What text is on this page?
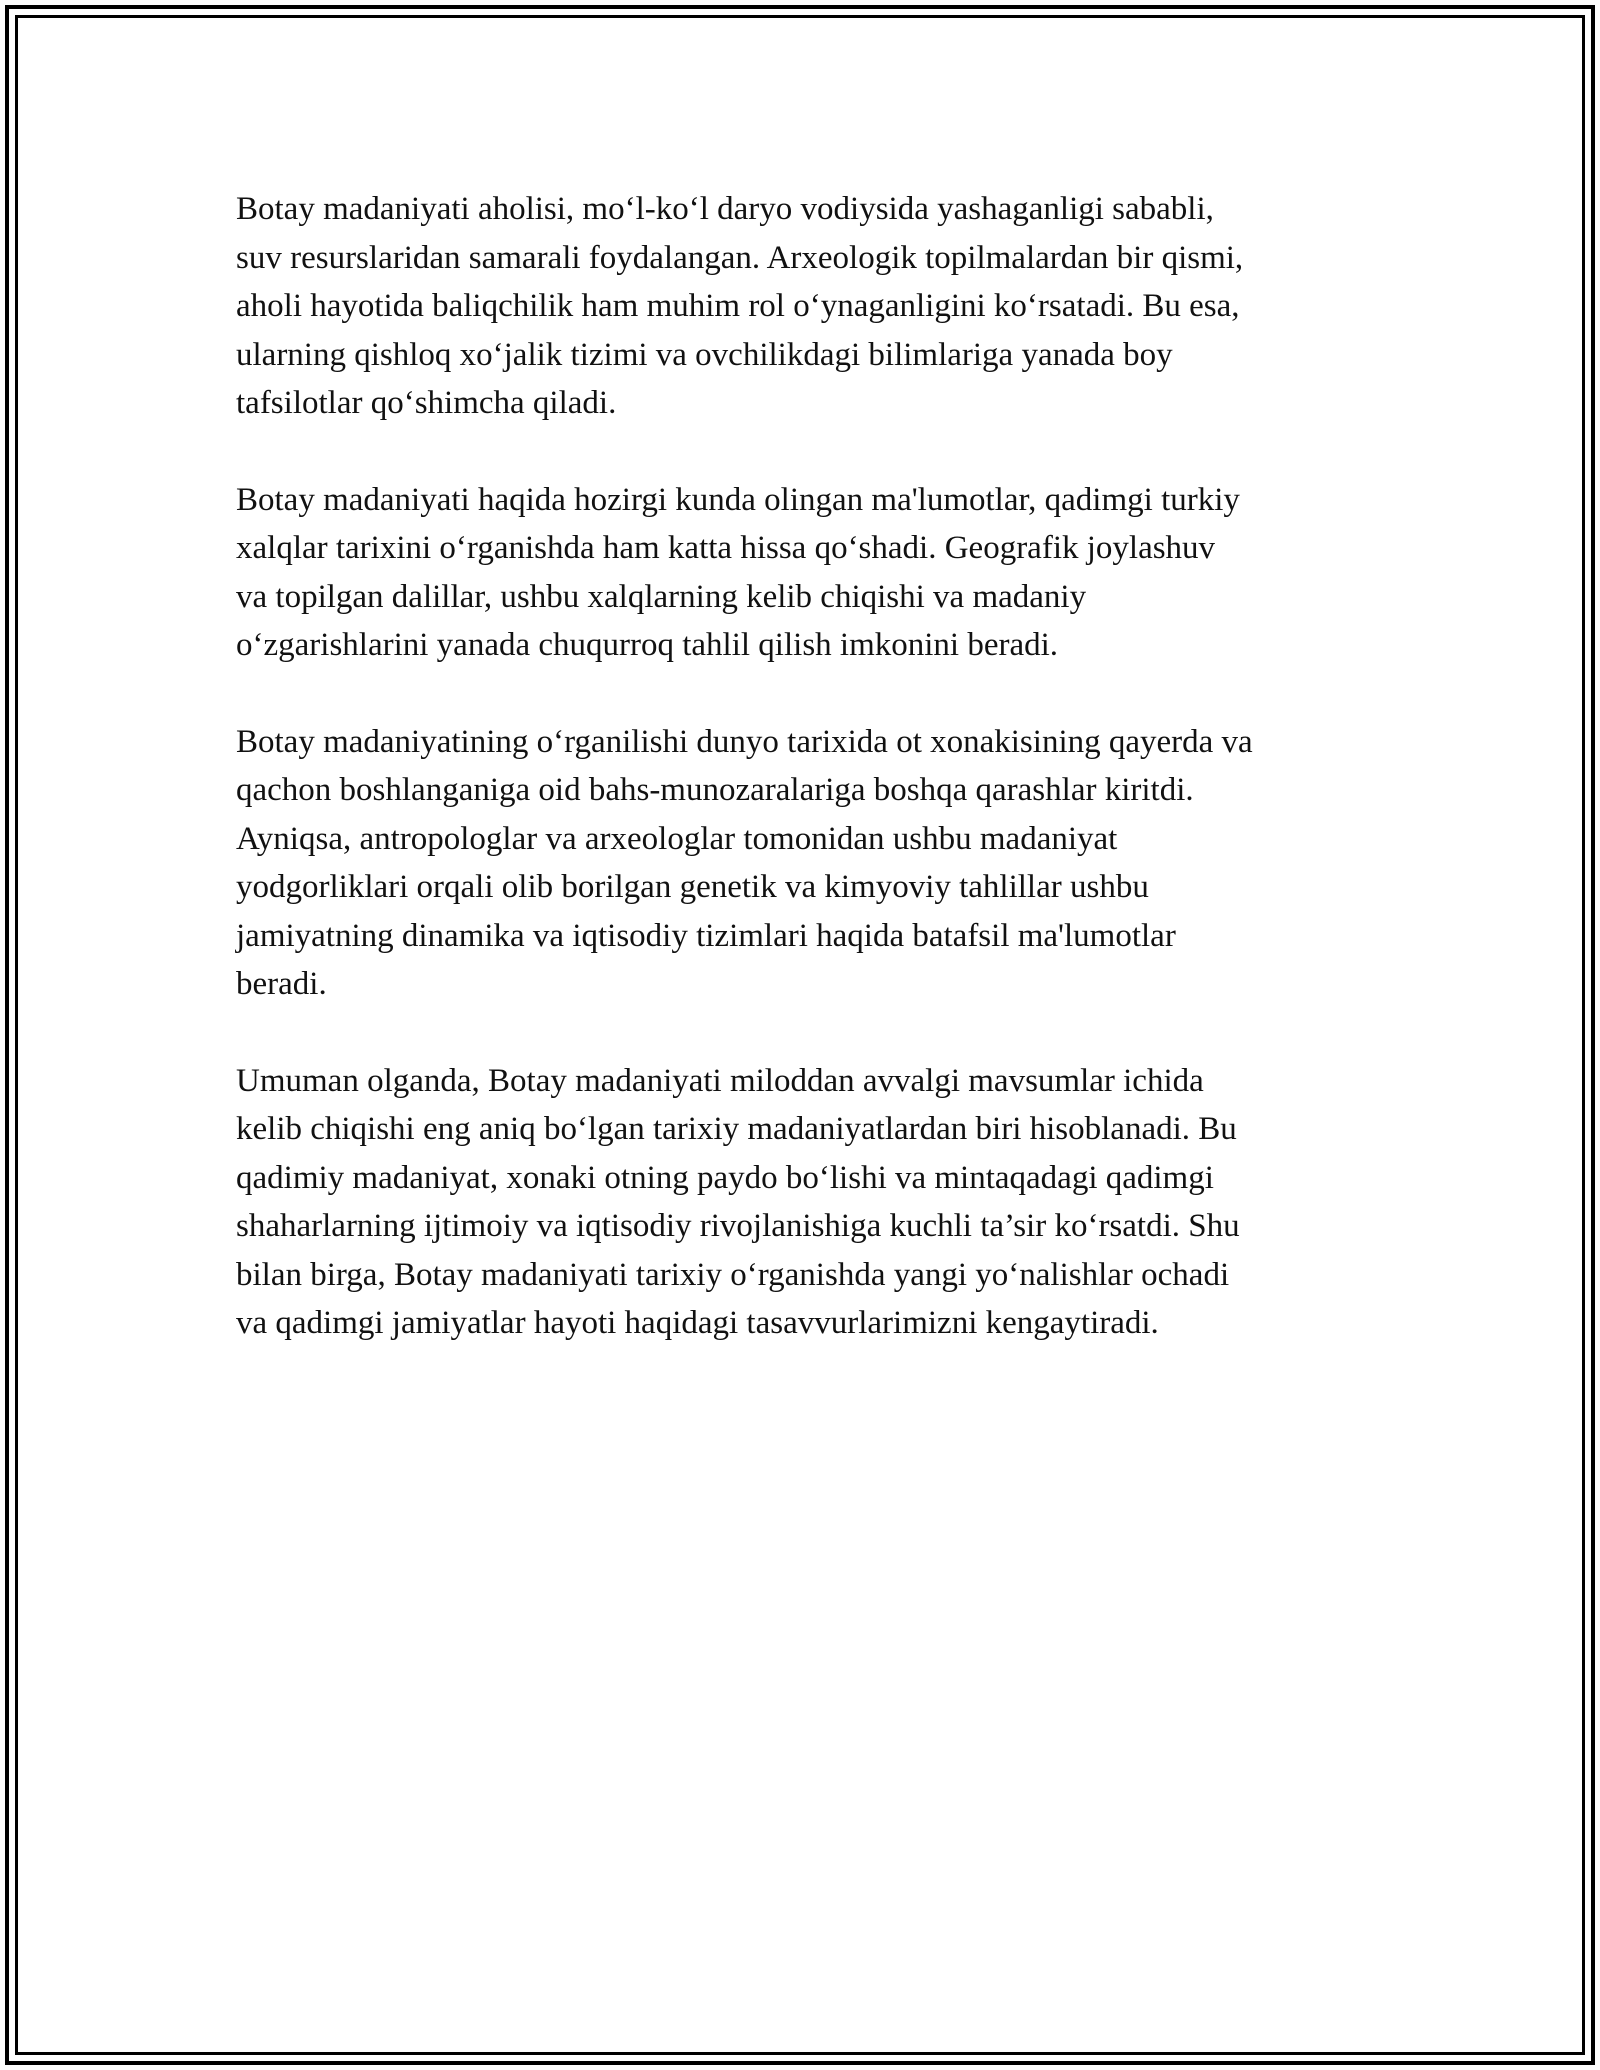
Botay madaniyati aholisi, mo‘l-ko‘l daryo vodiysida yashaganligi sababli,
suv resurslaridan samarali foydalangan. Arxeologik topilmalardan bir qismi,
aholi hayotida baliqchilik ham muhim rol o‘ynaganligini ko‘rsatadi. Bu esa,
ularning qishloq xo‘jalik tizimi va ovchilikdagi bilimlariga yanada boy
tafsilotlar qo‘shimcha qiladi.

Botay madaniyati haqida hozirgi kunda olingan ma'lumotlar, qadimgi turkiy
xalqlar tarixini o‘rganishda ham katta hissa qo‘shadi. Geografik joylashuv
va topilgan dalillar, ushbu xalqlarning kelib chiqishi va madaniy
o‘zgarishlarini yanada chuqurroq tahlil qilish imkonini beradi.

Botay madaniyatining o‘rganilishi dunyo tarixida ot xonakisining qayerda va
qachon boshlanganiga oid bahs-munozaralariga boshqa qarashlar kiritdi.
Ayniqsa, antropologlar va arxeologlar tomonidan ushbu madaniyat
yodgorliklari orqali olib borilgan genetik va kimyoviy tahlillar ushbu
jamiyatning dinamika va iqtisodiy tizimlari haqida batafsil ma'lumotlar
beradi.

Umuman olganda, Botay madaniyati miloddan avvalgi mavsumlar ichida
kelib chiqishi eng aniq bo‘lgan tarixiy madaniyatlardan biri hisoblanadi. Bu
qadimiy madaniyat, xonaki otning paydo bo‘lishi va mintaqadagi qadimgi
shaharlarning ijtimoiy va iqtisodiy rivojlanishiga kuchli ta’sir ko‘rsatdi. Shu
bilan birga, Botay madaniyati tarixiy o‘rganishda yangi yo‘nalishlar ochadi
va qadimgi jamiyatlar hayoti haqidagi tasavvurlarimizni kengaytiradi.
